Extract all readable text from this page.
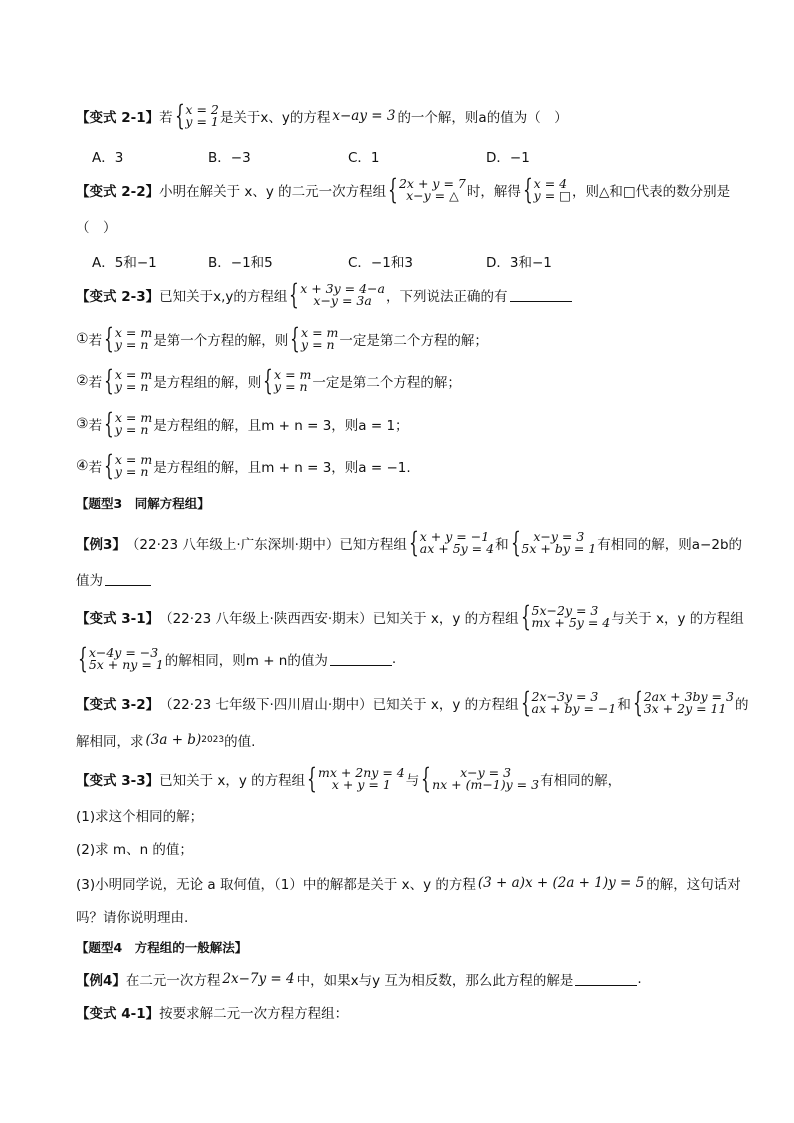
【变式 2-1】 若 { x = 2
y = 1 是关于x、y的方程 x−ay = 3 的一个解，则a的值为（　）
A．3	B．−3	C．1	D．−1
【变式 2-2】 小明在解关于 x、y 的二元一次方程组 { 2x + y = 7
x−y = △ 时，解得 { x = 4
y = □ ，则△和□代表的数分别是
（　）
A．5和−1	B．−1和5	C．−1和3	D．3和−1
【变式 2-3】 已知关于x,y的方程组 { x + 3y = 4−a
x−y = 3a ，下列说法正确的有
① 若 { x = m
y = n 是第一个方程的解，则 { x = m
y = n 一定是第二个方程的解；
② 若 { x = m
y = n 是方程组的解，则 { x = m
y = n 一定是第二个方程的解；
③ 若 { x = m
y = n 是方程组的解，且m + n = 3，则a = 1；
④ 若 { x = m
y = n 是方程组的解，且m + n = 3，则a = −1.
【题型3　同解方程组】
【例3】 （22·23 八年级上·广东深圳·期中）已知方程组 { x + y = −1
ax + 5y = 4 和 { x−y = 3
5x + by = 1 有相同的解，则a−2b的
值为
【变式 3-1】 （22·23 八年级上·陕西西安·期末）已知关于 x，y 的方程组 { 5x−2y = 3
mx + 5y = 4 与关于 x，y 的方程组
{ x−4y = −3
5x + ny = 1 的解相同，则m + n的值为	.
【变式 3-2】 （22·23 七年级下·四川眉山·期中）已知关于 x，y 的方程组 { 2x−3y = 3
ax + by = −1 和 { 2ax + 3by = 3
3x + 2y = 11 的
解相同，求 (3a + b) 2023 的值.
【变式 3-3】 已知关于 x，y 的方程组 { mx + 2ny = 4
x + y = 1 与 { x−y = 3
nx + (m−1)y = 3 有相同的解，
(1)求这个相同的解；
(2)求 m、n 的值；
(3)小明同学说，无论 a 取何值，（1）中的解都是关于 x、y 的方程 (3 + a)x + (2a + 1)y = 5 的解，这句话对
吗？请你说明理由.
【题型4　方程组的一般解法】
【例4】 在二元一次方程 2x−7y = 4 中，如果x与y 互为相反数，那么此方程的解是	.
【变式 4-1】 按要求解二元一次方程方程组：
